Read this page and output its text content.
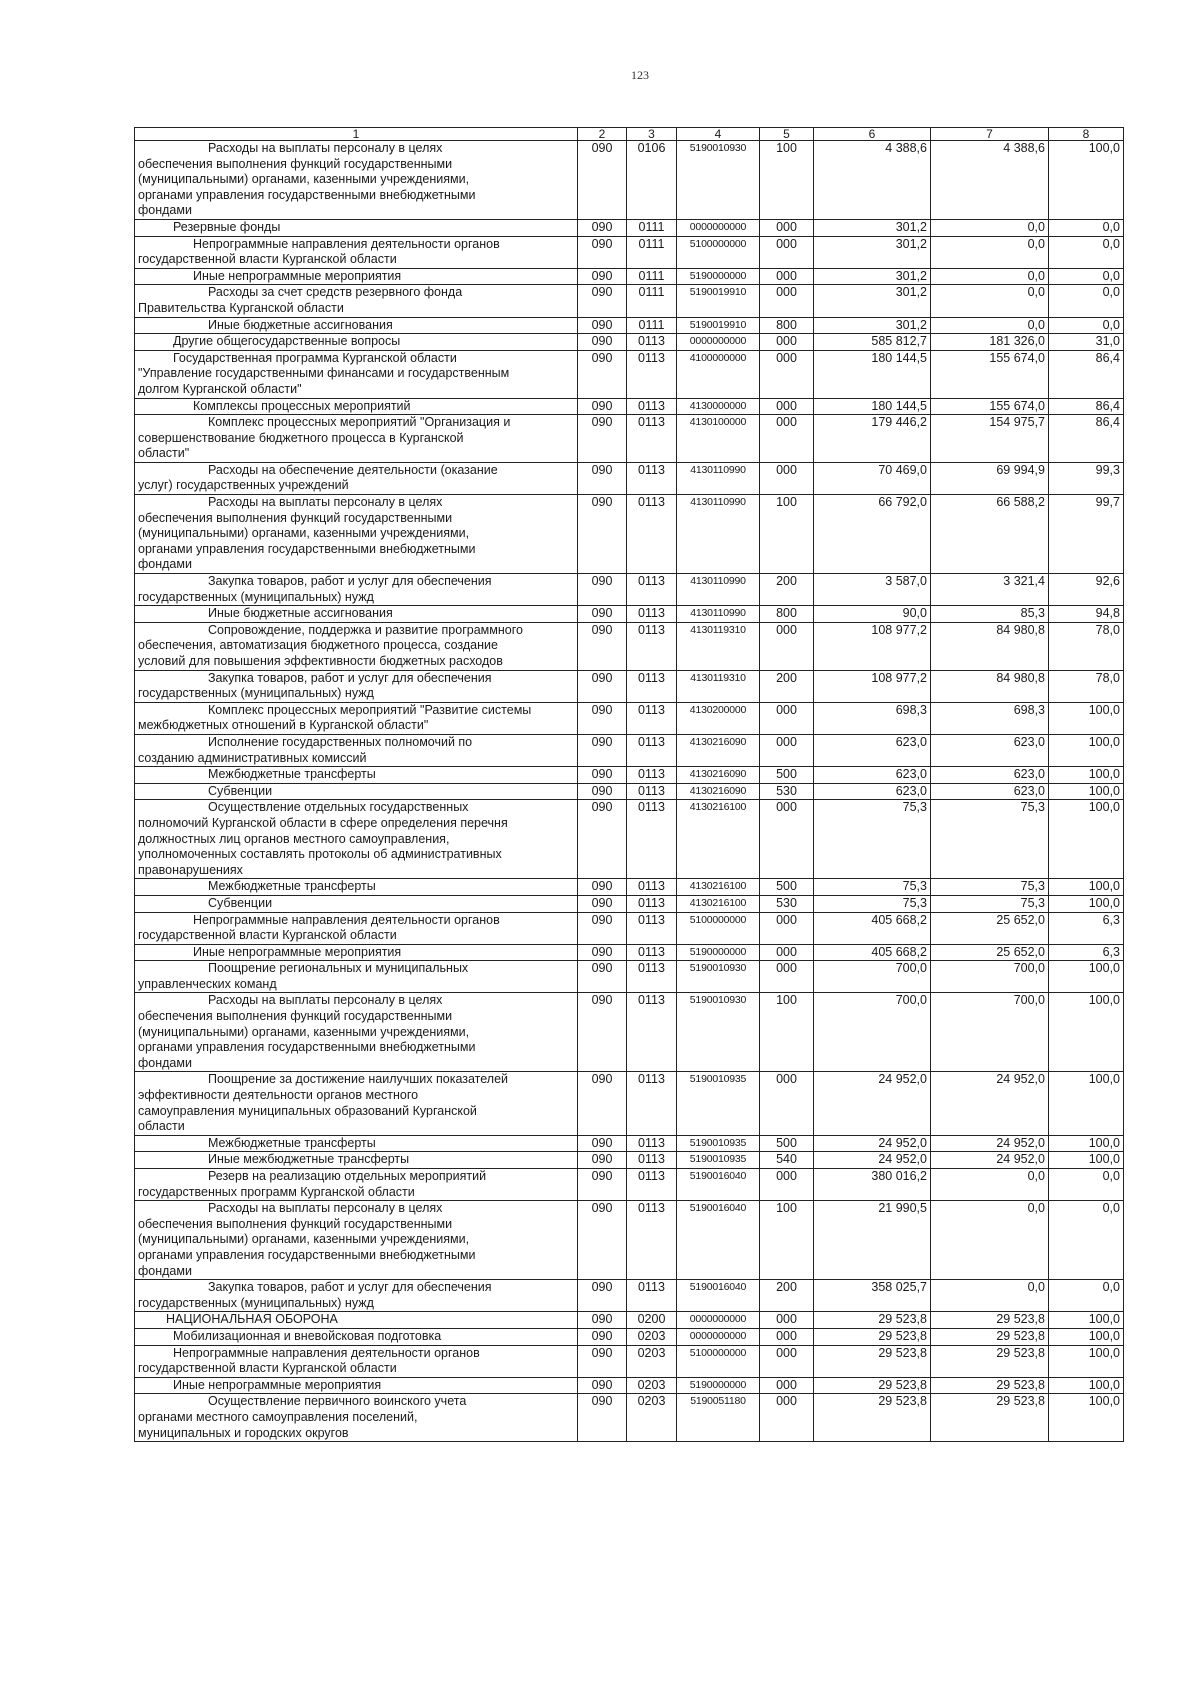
123
1	2	3	4	5	6	7	8

Расходы на выплаты персоналу в целях
обеспечения выполнения функций государственными
(муниципальными) органами, казенными учреждениями,
органами управления государственными внебюджетными
фондами	090	0106	5190010930	100	4 388,6	4 388,6	100,0

Резервные фонды	090	0111	0000000000	000	301,2	0,0	0,0

Непрограммные направления деятельности органов
государственной власти Курганской области	090	0111	5100000000	000	301,2	0,0	0,0

Иные непрограммные мероприятия	090	0111	5190000000	000	301,2	0,0	0,0

Расходы за счет средств резервного фонда
Правительства Курганской области	090	0111	5190019910	000	301,2	0,0	0,0

Иные бюджетные ассигнования	090	0111	5190019910	800	301,2	0,0	0,0

Другие общегосударственные вопросы	090	0113	0000000000	000	585 812,7	181 326,0	31,0

Государственная программа Курганской области
"Управление государственными финансами и государственным
долгом Курганской области"	090	0113	4100000000	000	180 144,5	155 674,0	86,4

Комплексы процессных мероприятий	090	0113	4130000000	000	180 144,5	155 674,0	86,4

Комплекс процессных мероприятий "Организация и
совершенствование бюджетного процесса в Курганской
области"	090	0113	4130100000	000	179 446,2	154 975,7	86,4

Расходы на обеспечение деятельности (оказание
услуг) государственных учреждений	090	0113	4130110990	000	70 469,0	69 994,9	99,3

Расходы на выплаты персоналу в целях
обеспечения выполнения функций государственными
(муниципальными) органами, казенными учреждениями,
органами управления государственными внебюджетными
фондами	090	0113	4130110990	100	66 792,0	66 588,2	99,7

Закупка товаров, работ и услуг для обеспечения
государственных (муниципальных) нужд	090	0113	4130110990	200	3 587,0	3 321,4	92,6

Иные бюджетные ассигнования	090	0113	4130110990	800	90,0	85,3	94,8

Сопровождение, поддержка и развитие программного
обеспечения, автоматизация бюджетного процесса, создание
условий для повышения эффективности бюджетных расходов	090	0113	4130119310	000	108 977,2	84 980,8	78,0

Закупка товаров, работ и услуг для обеспечения
государственных (муниципальных) нужд	090	0113	4130119310	200	108 977,2	84 980,8	78,0

Комплекс процессных мероприятий "Развитие системы
межбюджетных отношений в Курганской области"	090	0113	4130200000	000	698,3	698,3	100,0

Исполнение государственных полномочий по
созданию административных комиссий	090	0113	4130216090	000	623,0	623,0	100,0

Межбюджетные трансферты	090	0113	4130216090	500	623,0	623,0	100,0

Субвенции	090	0113	4130216090	530	623,0	623,0	100,0

Осуществление отдельных государственных
полномочий Курганской области в сфере определения перечня
должностных лиц органов местного самоуправления,
уполномоченных составлять протоколы об административных
правонарушениях	090	0113	4130216100	000	75,3	75,3	100,0

Межбюджетные трансферты	090	0113	4130216100	500	75,3	75,3	100,0

Субвенции	090	0113	4130216100	530	75,3	75,3	100,0

Непрограммные направления деятельности органов
государственной власти Курганской области	090	0113	5100000000	000	405 668,2	25 652,0	6,3

Иные непрограммные мероприятия	090	0113	5190000000	000	405 668,2	25 652,0	6,3

Поощрение региональных и муниципальных
управленческих команд	090	0113	5190010930	000	700,0	700,0	100,0

Расходы на выплаты персоналу в целях
обеспечения выполнения функций государственными
(муниципальными) органами, казенными учреждениями,
органами управления государственными внебюджетными
фондами	090	0113	5190010930	100	700,0	700,0	100,0

Поощрение за достижение наилучших показателей
эффективности деятельности органов местного
самоуправления муниципальных образований Курганской
области	090	0113	5190010935	000	24 952,0	24 952,0	100,0

Межбюджетные трансферты	090	0113	5190010935	500	24 952,0	24 952,0	100,0

Иные межбюджетные трансферты	090	0113	5190010935	540	24 952,0	24 952,0	100,0

Резерв на реализацию отдельных мероприятий
государственных программ Курганской области	090	0113	5190016040	000	380 016,2	0,0	0,0

Расходы на выплаты персоналу в целях
обеспечения выполнения функций государственными
(муниципальными) органами, казенными учреждениями,
органами управления государственными внебюджетными
фондами	090	0113	5190016040	100	21 990,5	0,0	0,0

Закупка товаров, работ и услуг для обеспечения
государственных (муниципальных) нужд	090	0113	5190016040	200	358 025,7	0,0	0,0

НАЦИОНАЛЬНАЯ ОБОРОНА	090	0200	0000000000	000	29 523,8	29 523,8	100,0

Мобилизационная и вневойсковая подготовка	090	0203	0000000000	000	29 523,8	29 523,8	100,0

Непрограммные направления деятельности органов
государственной власти Курганской области	090	0203	5100000000	000	29 523,8	29 523,8	100,0

Иные непрограммные мероприятия	090	0203	5190000000	000	29 523,8	29 523,8	100,0

Осуществление первичного воинского учета
органами местного самоуправления поселений,
муниципальных и городских округов	090	0203	5190051180	000	29 523,8	29 523,8	100,0
